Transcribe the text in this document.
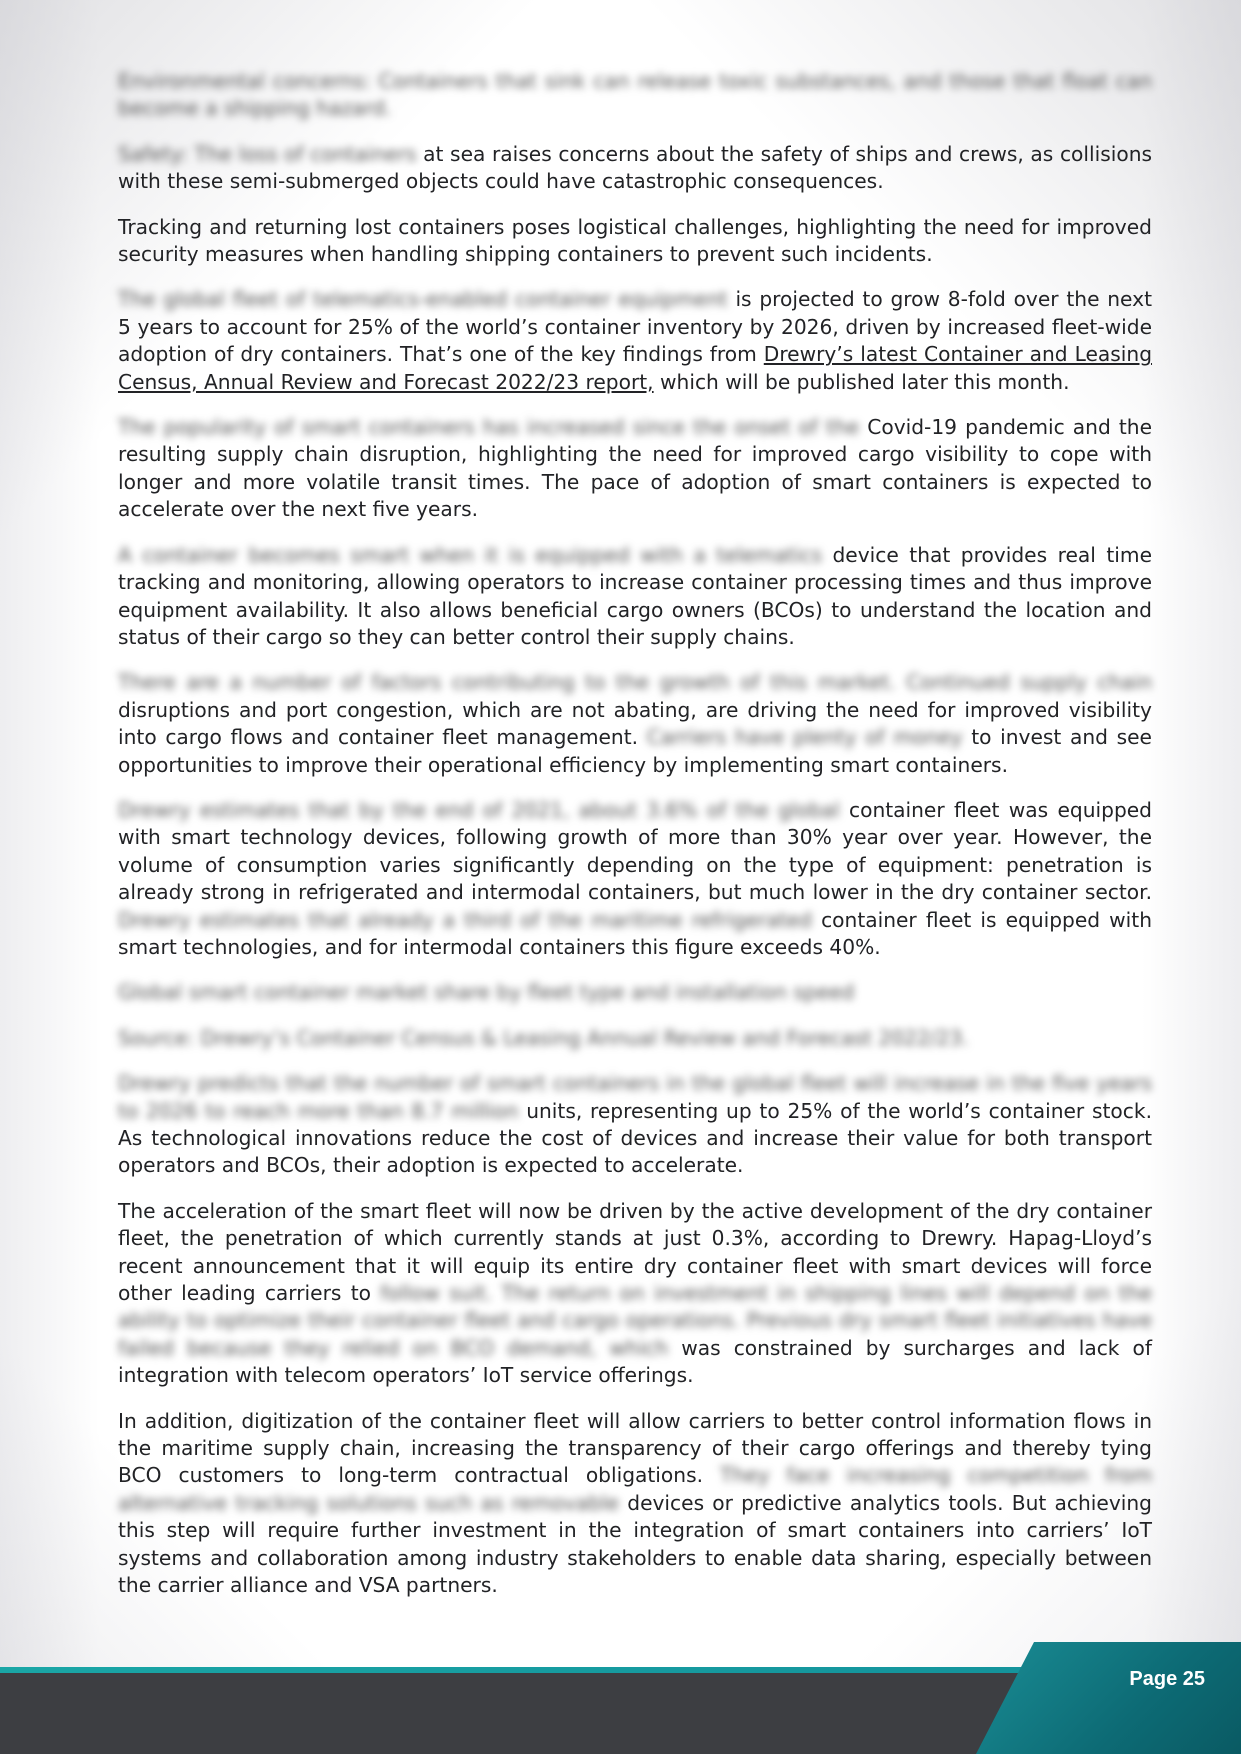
Environmental concerns: Containers that sink can release toxic substances, and those that float can become a shipping hazard.

Safety: The loss of containers at sea raises concerns about the safety of ships and crews, as collisions with these semi-submerged objects could have catastrophic consequences.

Tracking and returning lost containers poses logistical challenges, highlighting the need for improved security measures when handling shipping containers to prevent such incidents.

The global fleet of telematics-enabled container equipment is projected to grow 8-fold over the next 5 years to account for 25% of the world’s container inventory by 2026, driven by increased fleet-wide adoption of dry containers. That’s one of the key findings from Drewry’s latest Container and Leasing Census, Annual Review and Forecast 2022/23 report, which will be published later this month.

The popularity of smart containers has increased since the onset of the Covid-19 pandemic and the resulting supply chain disruption, highlighting the need for improved cargo visibility to cope with longer and more volatile transit times. The pace of adoption of smart containers is expected to accelerate over the next five years.

A container becomes smart when it is equipped with a telematics device that provides real time tracking and monitoring, allowing operators to increase container processing times and thus improve equipment availability. It also allows beneficial cargo owners (BCOs) to understand the location and status of their cargo so they can better control their supply chains.

There are a number of factors contributing to the growth of this market. Continued supply chain disruptions and port congestion, which are not abating, are driving the need for improved visibility into cargo flows and container fleet management. Carriers have plenty of money to invest and see opportunities to improve their operational efficiency by implementing smart containers.

Drewry estimates that by the end of 2021, about 3.6% of the global container fleet was equipped with smart technology devices, following growth of more than 30% year over year. However, the volume of consumption varies significantly depending on the type of equipment: penetration is already strong in refrigerated and intermodal containers, but much lower in the dry container sector. Drewry estimates that already a third of the maritime refrigerated container fleet is equipped with smart technologies, and for intermodal containers this figure exceeds 40%.

Global smart container market share by fleet type and installation speed

Source: Drewry’s Container Census & Leasing Annual Review and Forecast 2022/23.

Drewry predicts that the number of smart containers in the global fleet will increase in the five years to 2026 to reach more than 8.7 million units, representing up to 25% of the world’s container stock. As technological innovations reduce the cost of devices and increase their value for both transport operators and BCOs, their adoption is expected to accelerate.

The acceleration of the smart fleet will now be driven by the active development of the dry container fleet, the penetration of which currently stands at just 0.3%, according to Drewry. Hapag-Lloyd’s recent announcement that it will equip its entire dry container fleet with smart devices will force other leading carriers to follow suit. The return on investment in shipping lines will depend on the ability to optimize their container fleet and cargo operations. Previous dry smart fleet initiatives have failed because they relied on BCO demand, which was constrained by surcharges and lack of integration with telecom operators’ IoT service offerings.

In addition, digitization of the container fleet will allow carriers to better control information flows in the maritime supply chain, increasing the transparency of their cargo offerings and thereby tying BCO customers to long-term contractual obligations. They face increasing competition from alternative tracking solutions such as removable devices or predictive analytics tools. But achieving this step will require further investment in the integration of smart containers into carriers’ IoT systems and collaboration among industry stakeholders to enable data sharing, especially between the carrier alliance and VSA partners.

Page 25
